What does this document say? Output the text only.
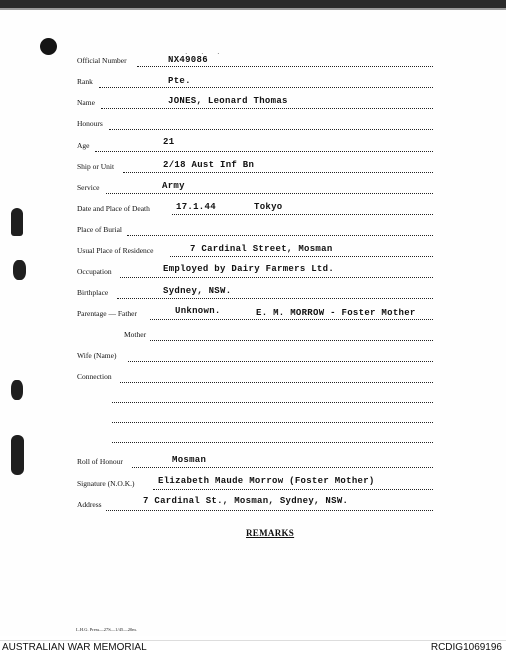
· · ·
Official Number	NX49086
Rank	Pte.
Name	JONES, Leonard Thomas
Honours
Age	21
Ship or Unit	2/18 Aust Inf Bn
Service	Army
Date and Place of Death	17.1.44	Tokyo
Place of Burial
Usual Place of Residence	7 Cardinal Street, Mosman
Occupation	Employed by Dairy Farmers Ltd.
Birthplace	Sydney, NSW.
Parentage — Father	Unknown.	E. M. MORROW - Foster Mother
Mother
Wife (Name)
Connection
Roll of Honour	Mosman
Signature (N.O.K.)	Elizabeth Maude Morrow (Foster Mother)
Address	7 Cardinal St., Mosman, Sydney, NSW.
REMARKS
L.H.G. Press—27S—1/45—20m.
AUSTRALIAN WAR MEMORIAL	RCDIG1069196
